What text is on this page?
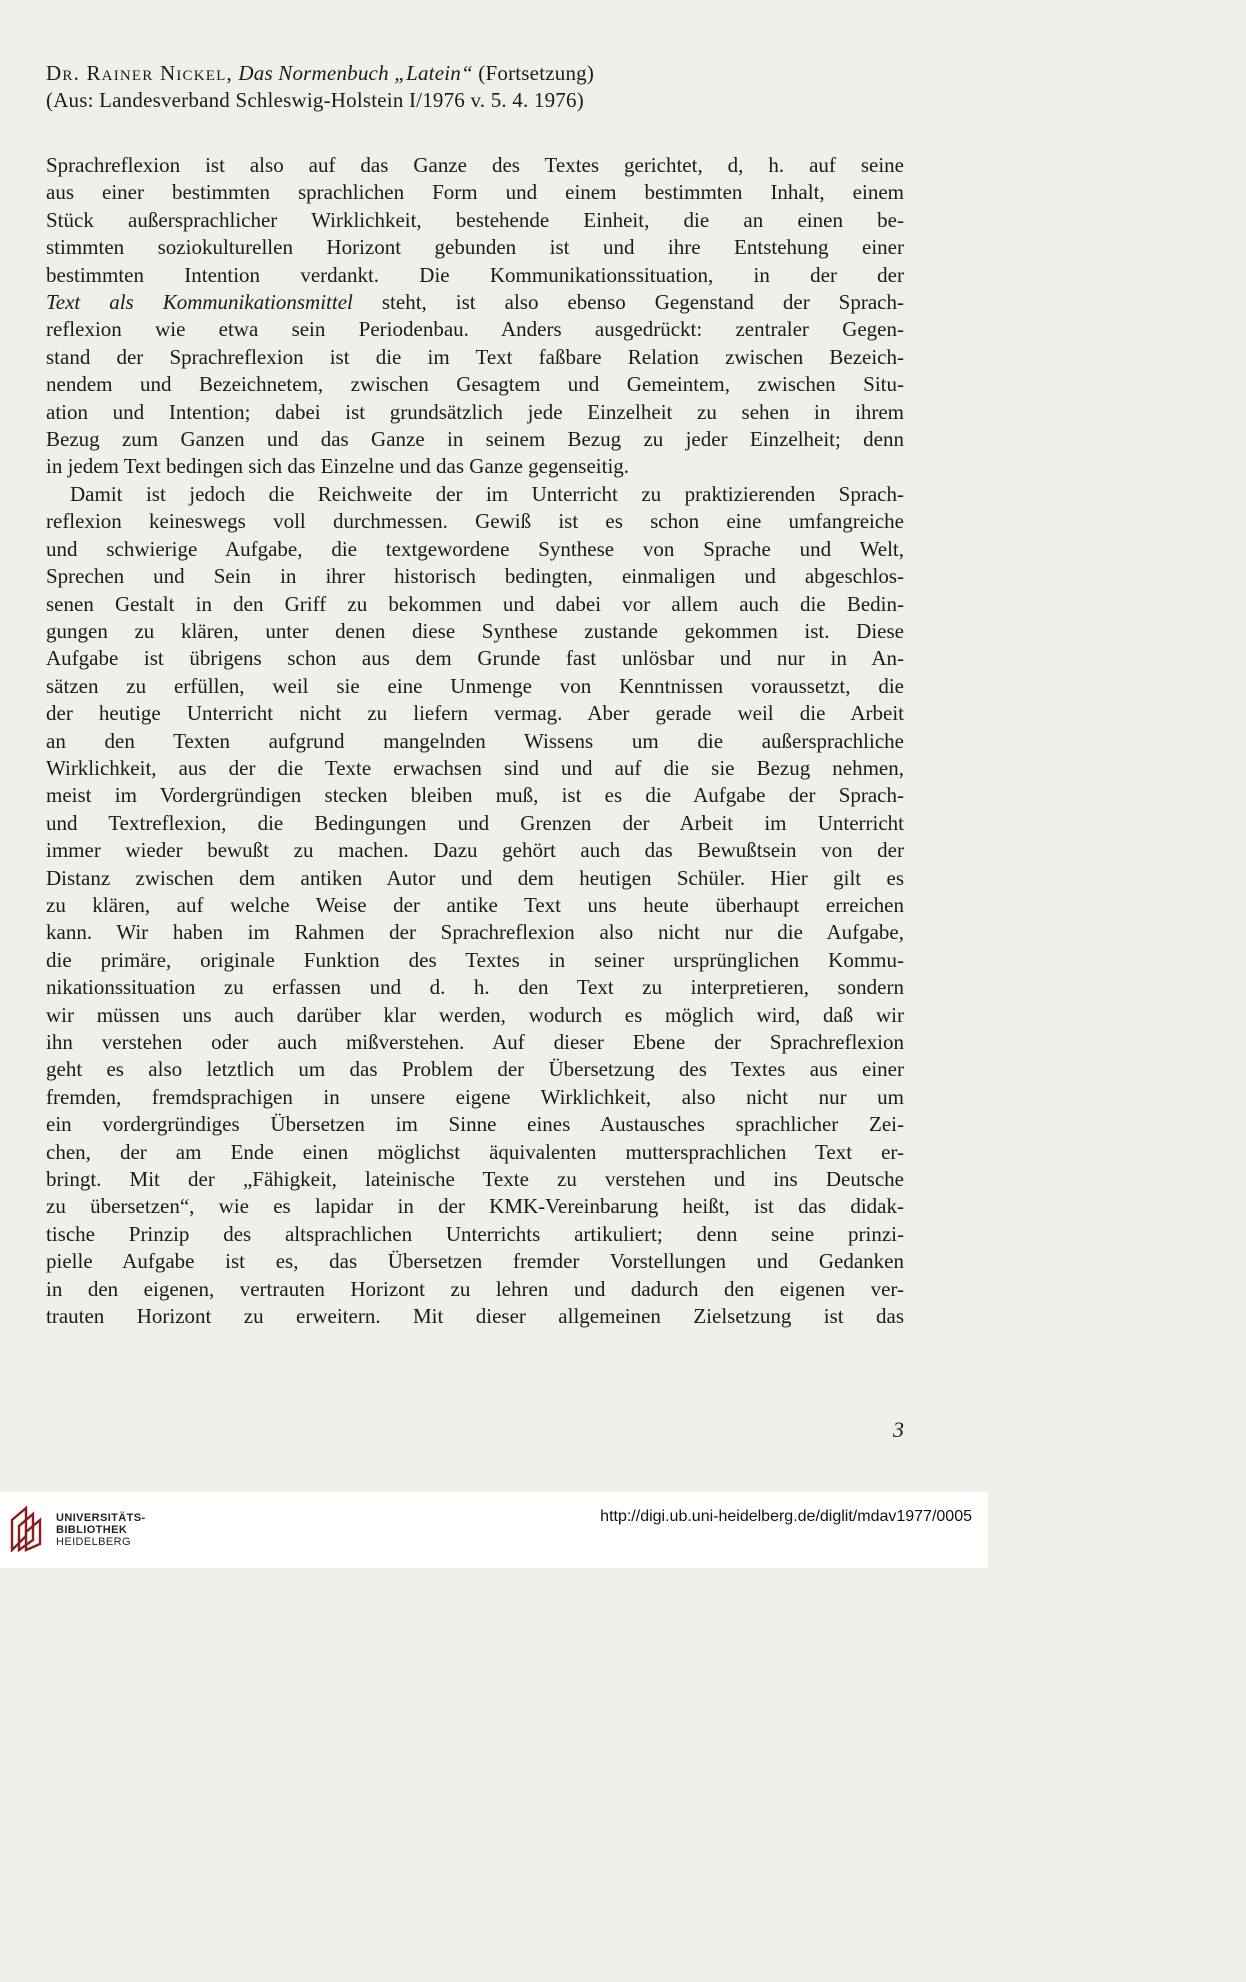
Dr. Rainer Nickel, Das Normenbuch „Latein“ (Fortsetzung)
(Aus: Landesverband Schleswig-Holstein I/1976 v. 5. 4. 1976)
Sprachreflexion ist also auf das Ganze des Textes gerichtet, d, h. auf seine
aus einer bestimmten sprachlichen Form und einem bestimmten Inhalt, einem
Stück außersprachlicher Wirklichkeit, bestehende Einheit, die an einen be-
stimmten soziokulturellen Horizont gebunden ist und ihre Entstehung einer
bestimmten Intention verdankt. Die Kommunikationssituation, in der der
Text als Kommunikationsmittel steht, ist also ebenso Gegenstand der Sprach-
reflexion wie etwa sein Periodenbau. Anders ausgedrückt: zentraler Gegen-
stand der Sprachreflexion ist die im Text faßbare Relation zwischen Bezeich-
nendem und Bezeichnetem, zwischen Gesagtem und Gemeintem, zwischen Situ-
ation und Intention; dabei ist grundsätzlich jede Einzelheit zu sehen in ihrem
Bezug zum Ganzen und das Ganze in seinem Bezug zu jeder Einzelheit; denn
in jedem Text bedingen sich das Einzelne und das Ganze gegenseitig.
Damit ist jedoch die Reichweite der im Unterricht zu praktizierenden Sprach-
reflexion keineswegs voll durchmessen. Gewiß ist es schon eine umfangreiche
und schwierige Aufgabe, die textgewordene Synthese von Sprache und Welt,
Sprechen und Sein in ihrer historisch bedingten, einmaligen und abgeschlos-
senen Gestalt in den Griff zu bekommen und dabei vor allem auch die Bedin-
gungen zu klären, unter denen diese Synthese zustande gekommen ist. Diese
Aufgabe ist übrigens schon aus dem Grunde fast unlösbar und nur in An-
sätzen zu erfüllen, weil sie eine Unmenge von Kenntnissen voraussetzt, die
der heutige Unterricht nicht zu liefern vermag. Aber gerade weil die Arbeit
an den Texten aufgrund mangelnden Wissens um die außersprachliche
Wirklichkeit, aus der die Texte erwachsen sind und auf die sie Bezug nehmen,
meist im Vordergründigen stecken bleiben muß, ist es die Aufgabe der Sprach-
und Textreflexion, die Bedingungen und Grenzen der Arbeit im Unterricht
immer wieder bewußt zu machen. Dazu gehört auch das Bewußtsein von der
Distanz zwischen dem antiken Autor und dem heutigen Schüler. Hier gilt es
zu klären, auf welche Weise der antike Text uns heute überhaupt erreichen
kann. Wir haben im Rahmen der Sprachreflexion also nicht nur die Aufgabe,
die primäre, originale Funktion des Textes in seiner ursprünglichen Kommu-
nikationssituation zu erfassen und d. h. den Text zu interpretieren, sondern
wir müssen uns auch darüber klar werden, wodurch es möglich wird, daß wir
ihn verstehen oder auch mißverstehen. Auf dieser Ebene der Sprachreflexion
geht es also letztlich um das Problem der Übersetzung des Textes aus einer
fremden, fremdsprachigen in unsere eigene Wirklichkeit, also nicht nur um
ein vordergründiges Übersetzen im Sinne eines Austausches sprachlicher Zei-
chen, der am Ende einen möglichst äquivalenten muttersprachlichen Text er-
bringt. Mit der „Fähigkeit, lateinische Texte zu verstehen und ins Deutsche
zu übersetzen“, wie es lapidar in der KMK-Vereinbarung heißt, ist das didak-
tische Prinzip des altsprachlichen Unterrichts artikuliert; denn seine prinzi-
pielle Aufgabe ist es, das Übersetzen fremder Vorstellungen und Gedanken
in den eigenen, vertrauten Horizont zu lehren und dadurch den eigenen ver-
trauten Horizont zu erweitern. Mit dieser allgemeinen Zielsetzung ist das
3
UNIVERSITÄTS-
BIBLIOTHEK
HEIDELBERG
http://digi.ub.uni-heidelberg.de/diglit/mdav1977/0005
